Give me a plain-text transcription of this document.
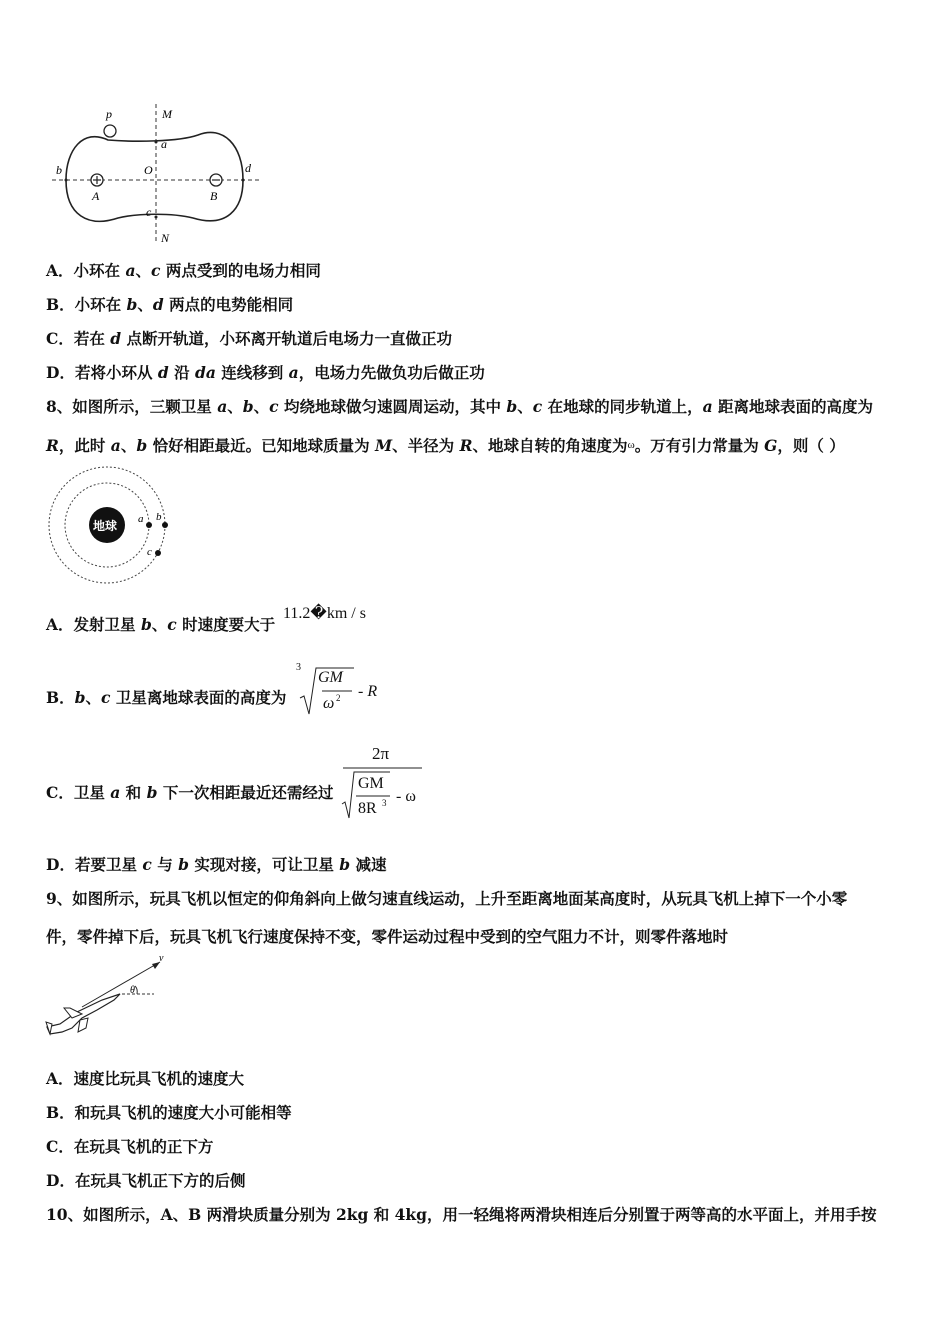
p	M
a
b	O	d
A	B
c
N
A．小环在 a、c 两点受到的电场力相同
B．小环在 b、d 两点的电势能相同
C．若在 d 点断开轨道，小环离开轨道后电场力一直做正功
D．若将小环从 d 沿 da 连线移到 a，电场力先做负功后做正功
8、如图所示，三颗卫星 a、b、c 均绕地球做匀速圆周运动，其中 b、c 在地球的同步轨道上，a 距离地球表面的高度为
R，此时 a、b 恰好相距最近。已知地球质量为 M、半径为 R、地球自转的角速度为ω。万有引力常量为 G，则（ ）
地球 a b
c
A．发射卫星 b、c 时速度要大于
11.2�km / s
B．b、c 卫星离地球表面的高度为
3
GM
ω 2 - R
C．卫星 a 和 b 下一次相距最近还需经过
2π
GM
8R 3 - ω
D．若要卫星 c 与 b 实现对接，可让卫星 b 减速
9、如图所示，玩具飞机以恒定的仰角斜向上做匀速直线运动，上升至距离地面某高度时，从玩具飞机上掉下一个小零
件，零件掉下后，玩具飞机飞行速度保持不变，零件运动过程中受到的空气阻力不计，则零件落地时
v
θ
A．速度比玩具飞机的速度大
B．和玩具飞机的速度大小可能相等
C．在玩具飞机的正下方
D．在玩具飞机正下方的后侧
10、如图所示，A、B 两滑块质量分别为 2kg 和 4kg，用一轻绳将两滑块相连后分别置于两等高的水平面上，并用手按
